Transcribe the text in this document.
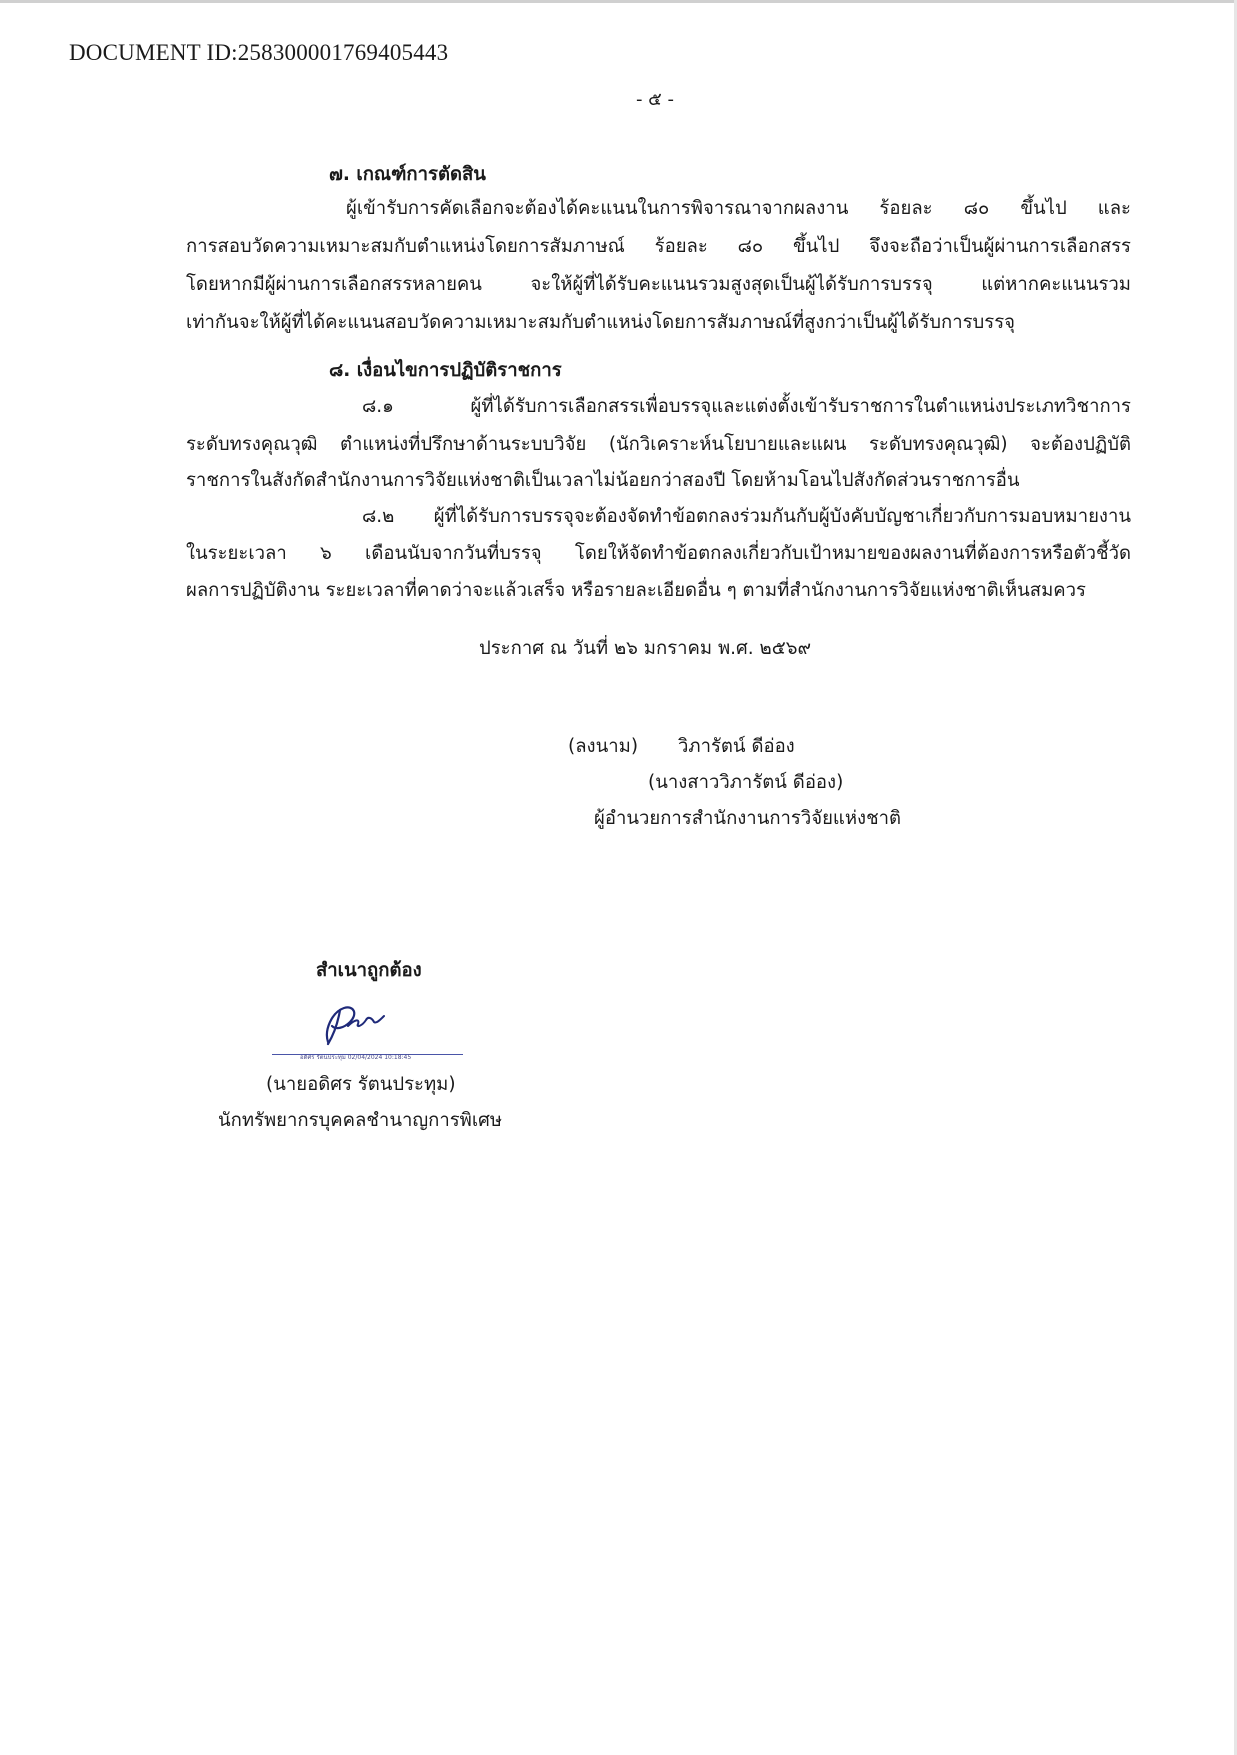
DOCUMENT ID:258300001769405443
- ๕ -
๗. เกณฑ์การตัดสิน
ผู้เข้ารับการคัดเลือกจะต้องได้คะแนนในการพิจารณาจากผลงาน ร้อยละ ๘๐ ขึ้นไป และ
การสอบวัดความเหมาะสมกับตำแหน่งโดยการสัมภาษณ์ ร้อยละ ๘๐ ขึ้นไป จึงจะถือว่าเป็นผู้ผ่านการเลือกสรร
โดยหากมีผู้ผ่านการเลือกสรรหลายคน จะให้ผู้ที่ได้รับคะแนนรวมสูงสุดเป็นผู้ได้รับการบรรจุ แต่หากคะแนนรวม
เท่ากันจะให้ผู้ที่ได้คะแนนสอบวัดความเหมาะสมกับตำแหน่งโดยการสัมภาษณ์ที่สูงกว่าเป็นผู้ได้รับการบรรจุ
๘. เงื่อนไขการปฏิบัติราชการ
๘.๑ ผู้ที่ได้รับการเลือกสรรเพื่อบรรจุและแต่งตั้งเข้ารับราชการในตำแหน่งประเภทวิชาการ
ระดับทรงคุณวุฒิ ตำแหน่งที่ปรึกษาด้านระบบวิจัย (นักวิเคราะห์นโยบายและแผน ระดับทรงคุณวุฒิ) จะต้องปฏิบัติ
ราชการในสังกัดสำนักงานการวิจัยแห่งชาติเป็นเวลาไม่น้อยกว่าสองปี โดยห้ามโอนไปสังกัดส่วนราชการอื่น
๘.๒ ผู้ที่ได้รับการบรรจุจะต้องจัดทำข้อตกลงร่วมกันกับผู้บังคับบัญชาเกี่ยวกับการมอบหมายงาน
ในระยะเวลา ๖ เดือนนับจากวันที่บรรจุ โดยให้จัดทำข้อตกลงเกี่ยวกับเป้าหมายของผลงานที่ต้องการหรือตัวชี้วัด
ผลการปฏิบัติงาน ระยะเวลาที่คาดว่าจะแล้วเสร็จ หรือรายละเอียดอื่น ๆ ตามที่สำนักงานการวิจัยแห่งชาติเห็นสมควร
ประกาศ ณ วันที่ ๒๖ มกราคม พ.ศ. ๒๕๖๙
(ลงนาม) วิภารัตน์ ดีอ่อง
(นางสาววิภารัตน์ ดีอ่อง)
ผู้อำนวยการสำนักงานการวิจัยแห่งชาติ
สำเนาถูกต้อง
อดิศร รัตนประทุม 02/04/2024 10:18:45
(นายอดิศร รัตนประทุม)
นักทรัพยากรบุคคลชำนาญการพิเศษ
